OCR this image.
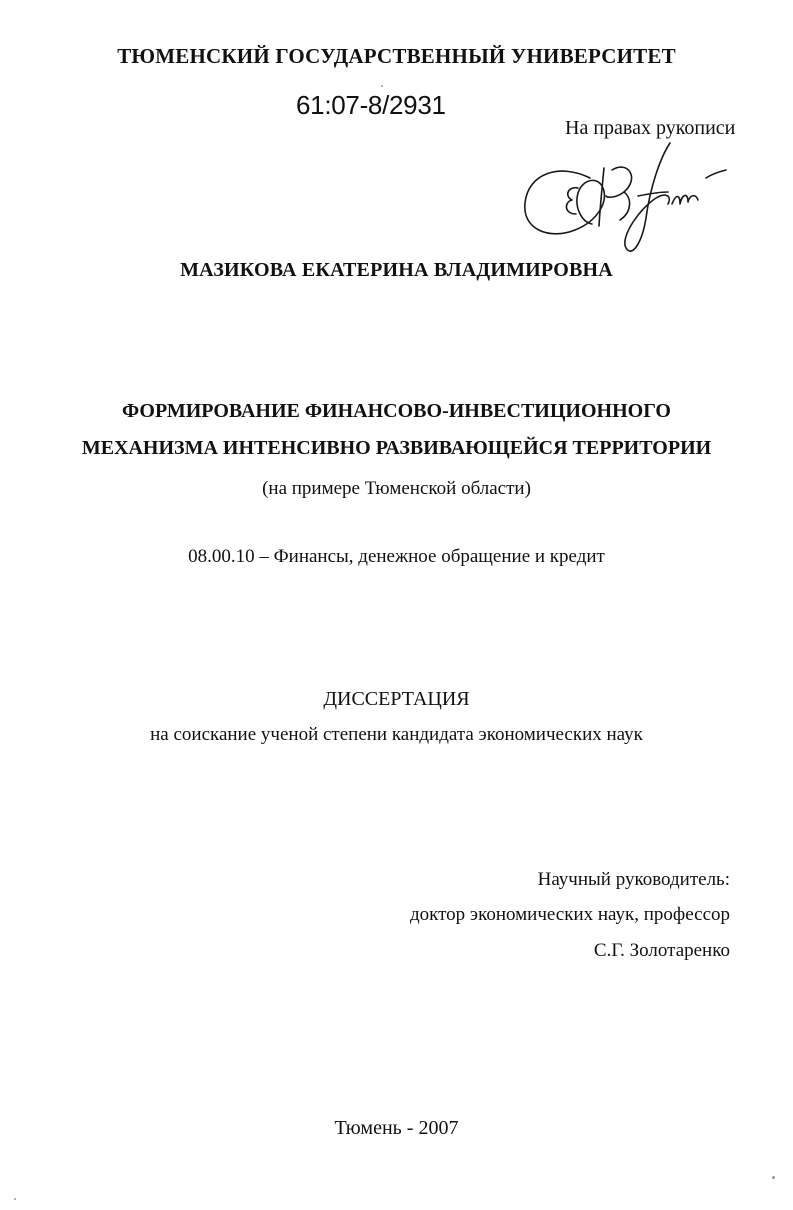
ТЮМЕНСКИЙ ГОСУДАРСТВЕННЫЙ УНИВЕРСИТЕТ
61:07-8/2931
На правах рукописи
МАЗИКОВА ЕКАТЕРИНА ВЛАДИМИРОВНА
ФОРМИРОВАНИЕ ФИНАНСОВО-ИНВЕСТИЦИОННОГО
МЕХАНИЗМА ИНТЕНСИВНО РАЗВИВАЮЩЕЙСЯ ТЕРРИТОРИИ
(на примере Тюменской области)
08.00.10 – Финансы, денежное обращение и кредит
ДИССЕРТАЦИЯ
на соискание ученой степени кандидата экономических наук
Научный руководитель:
доктор экономических наук, профессор
С.Г. Золотаренко
Тюмень - 2007
